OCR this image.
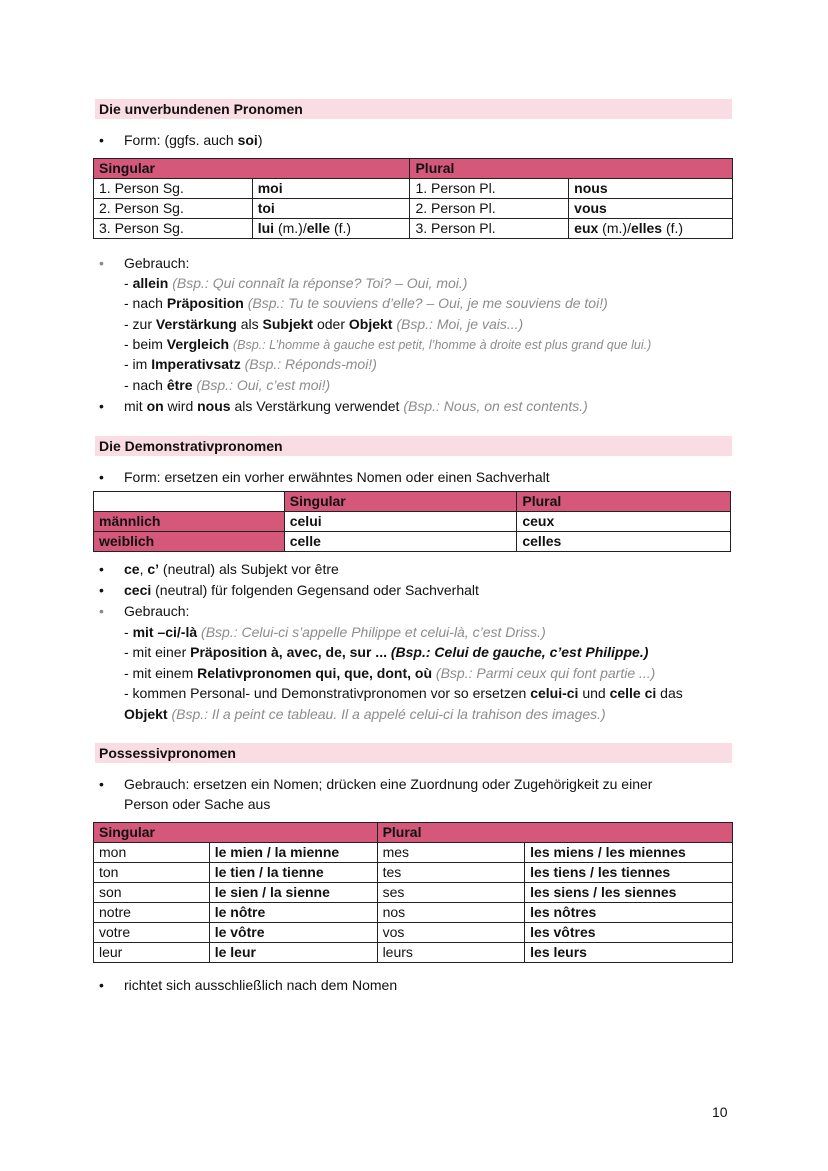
Die unverbundenen Pronomen
• Form: (ggfs. auch soi)
Singular		Plural	
1. Person Sg.	moi	1. Person Pl.	nous
2. Person Sg.	toi	2. Person Pl.	vous
3. Person Sg.	lui (m.)/elle (f.)	3. Person Pl.	eux (m.)/elles (f.)
• Gebrauch:
- allein (Bsp.: Qui connaît la réponse? Toi? – Oui, moi.)
- nach Präposition (Bsp.: Tu te souviens d’elle? – Oui, je me souviens de toi!)
- zur Verstärkung als Subjekt oder Objekt (Bsp.: Moi, je vais...)
- beim Vergleich (Bsp.: L’homme à gauche est petit, l’homme à droite est plus grand que lui.)
- im Imperativsatz (Bsp.: Réponds-moi!)
- nach être (Bsp.: Oui, c’est moi!)
• mit on wird nous als Verstärkung verwendet (Bsp.: Nous, on est contents.)
Die Demonstrativpronomen
• Form: ersetzen ein vorher erwähntes Nomen oder einen Sachverhalt
	Singular	Plural
männlich	celui	ceux
weiblich	celle	celles
• ce, c’ (neutral) als Subjekt vor être
• ceci (neutral) für folgenden Gegensand oder Sachverhalt
• Gebrauch:
- mit –ci/-là (Bsp.: Celui-ci s’appelle Philippe et celui-là, c’est Driss.)
- mit einer Präposition à, avec, de, sur ... (Bsp.: Celui de gauche, c’est Philippe.)
- mit einem Relativpronomen qui, que, dont, où (Bsp.: Parmi ceux qui font partie ...)
- kommen Personal- und Demonstrativpronomen vor so ersetzen celui-ci und celle ci das
Objekt (Bsp.: Il a peint ce tableau. Il a appelé celui-ci la trahison des images.)
Possessivpronomen
• Gebrauch: ersetzen ein Nomen; drücken eine Zuordnung oder Zugehörigkeit zu einer
Person oder Sache aus
Singular		Plural	
mon	le mien / la mienne	mes	les miens / les miennes
ton	le tien / la tienne	tes	les tiens / les tiennes
son	le sien / la sienne	ses	les siens / les siennes
notre	le nôtre	nos	les nôtres
votre	le vôtre	vos	les vôtres
leur	le leur	leurs	les leurs
• richtet sich ausschließlich nach dem Nomen
10
